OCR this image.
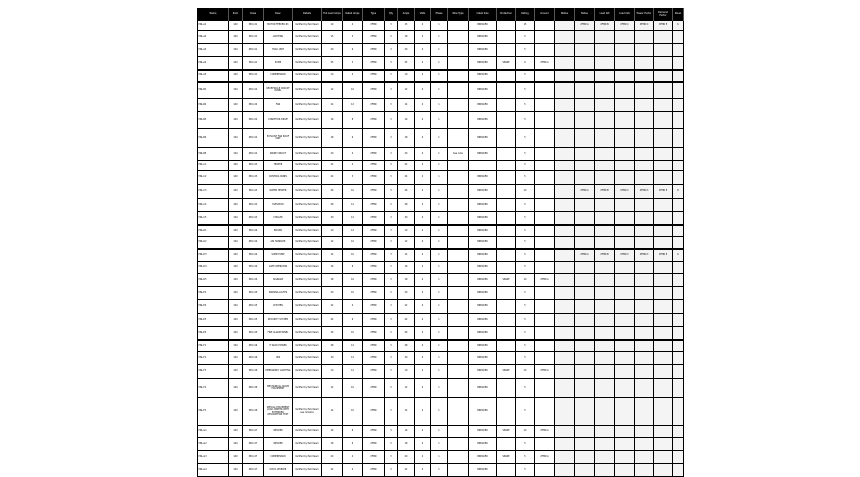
Name	Item	Class	Desc	Details	Full Load Amps	Rated Amps	Type	Qty	Amps	Volts	Phase	Wire Type	Cable Size	Protection	Rating	Ground	Status	Notes	Load kW	Load kVA	Power Factor	Demand Factor	Panel
PNL-A1	100	MCC-01	MOTOR FEEDER #1	Verified by field team	10	4	XFMR	3	15	4	1		BREAKER		15			XFMR A	XFMR B	XFMR C	XFMR D	XFMR E	6
PNL-A2	100	MCC-01	LIGHTING	Verified by field team	15	5	XFMR	3	18	4	1		BREAKER		5								
PNL-A3	100	MCC-01	HVAC UNIT	Verified by field team	20	6	XFMR	3	20	4	1		BREAKER		5								
PNL-A4	100	MCC-01	PUMP	Verified by field team	25	3	XFMR	3	25	4	1		BREAKER	SPARE	6	XFMR A							
PNL-A5	100	MCC-01	COMPRESSOR	Verified by field team	10	4	XFMR	3	10	4	1		BREAKER		5								
PNL-B1	100	MCC-02	RECEPTACLE CIRCUIT PANEL	Verified by field team	12	10	XFMR	3	12	4	1		BREAKER		5								
PNL-B2	100	MCC-02	FAN	Verified by field team	14	12	XFMR	3	14	4	1		BREAKER		5								
PNL-B3	100	MCC-02	CONVEYOR DRIVE	Verified by field team	16	8	XFMR	3	16	4	1		BREAKER		5								
PNL-B4	100	MCC-02	EXHAUST FAN ROOF UNIT	Verified by field team	18	6	XFMR	3	18	4	1		BREAKER		5								
PNL-B5	100	MCC-02	SPARE CIRCUIT	Verified by field team	20	4	XFMR	3	20	4	1	See note	BREAKER		5								
PNL-C1	100	MCC-03	HEATER	Verified by field team	22	4	XFMR	3	22	4	1				5								
PNL-C2	100	MCC-03	CONTROL PANEL	Verified by field team	24	3	XFMR	3	24	4	1		BREAKER		5								
PNL-C3	100	MCC-03	WATER HEATER	Verified by field team	26	10	XFMR	3	26	4	1		BREAKER		10			XFMR A	XFMR B	XFMR C	XFMR D	XFMR E	8
PNL-C4	100	MCC-03	ELEVATOR	Verified by field team	28	12	XFMR	3	28	4	1		BREAKER		5								
PNL-C5	100	MCC-03	CHILLER	Verified by field team	30	12	XFMR	3	30	4	1		BREAKER		5								
PNL-D1	100	MCC-04	BOILER	Verified by field team	10	12	XFMR	3	10	4	1		BREAKER		5								
PNL-D2	100	MCC-04	AIR HANDLER	Verified by field team	12	10	XFMR	3	12	4	1		BREAKER		5								
PNL-D3	100	MCC-04	SUMP PUMP	Verified by field team	14	10	XFMR	3	14	4	1		BREAKER		5			XFMR A	XFMR B	XFMR C	XFMR D	XFMR E	6
PNL-D4	100	MCC-04	GATE OPERATOR	Verified by field team	16	8	XFMR	3	16	4	1		BREAKER		5								
PNL-D5	100	MCC-04	SIGNAGE	Verified by field team	18	10	XFMR	3	18	4	1		BREAKER	SPARE	10	XFMR A							
PNL-E1	100	MCC-05	PARKING LIGHTS	Verified by field team	20	10	XFMR	3	20	4	1		BREAKER		5								
PNL-E2	100	MCC-05	KITCHEN	Verified by field team	22	4	XFMR	3	22	4	1		BREAKER		5								
PNL-E3	100	MCC-05	SECURITY SYSTEM	Verified by field team	24	6	XFMR	3	24	4	1		BREAKER		5								
PNL-E4	100	MCC-05	FIRE ALARM PANEL	Verified by field team	26	10	XFMR	3	26	4	1		BREAKER		5								
PNL-F1	100	MCC-06	IT RACK POWER	Verified by field team	28	12	XFMR	3	28	4	1		BREAKER		5								
PNL-F2	100	MCC-06	UPS	Verified by field team	30	12	XFMR	3	30	4	1		BREAKER		5								
PNL-F3	100	MCC-06	EMERGENCY LIGHTING	Verified by field team	10	12	XFMR	3	10	4	1		BREAKER	SPARE	10	XFMR A							
PNL-F4	100	MCC-06	MECHANICAL ROOM EQUIPMENT	Verified by field team	12	10	XFMR	3	12	4	1		BREAKER		5								
PNL-F5	100	MCC-06	SPECIAL EQUIPMENT LOAD CENTER WITH EXTENDED DESCRIPTION TEXT	Verified by field team see remarks	14	10	XFMR	3	14	4	1		BREAKER		5								
PNL-G1	100	MCC-07	WELDER	Verified by field team	16	8	XFMR	3	16	4	1		BREAKER	SPARE	10	XFMR A							
PNL-G2	100	MCC-07	WELDER	Verified by field team	18	6	XFMR	3	18	4	1		BREAKER		5								
PNL-G3	100	MCC-07	COMPRESSOR	Verified by field team	20	4	XFMR	3	20	4	1		BREAKER	SPARE	5	XFMR A							
PNL-G4	100	MCC-07	DOCK LEVELER	Verified by field team	22	4	XFMR	3	22	4	1		BREAKER		5								
